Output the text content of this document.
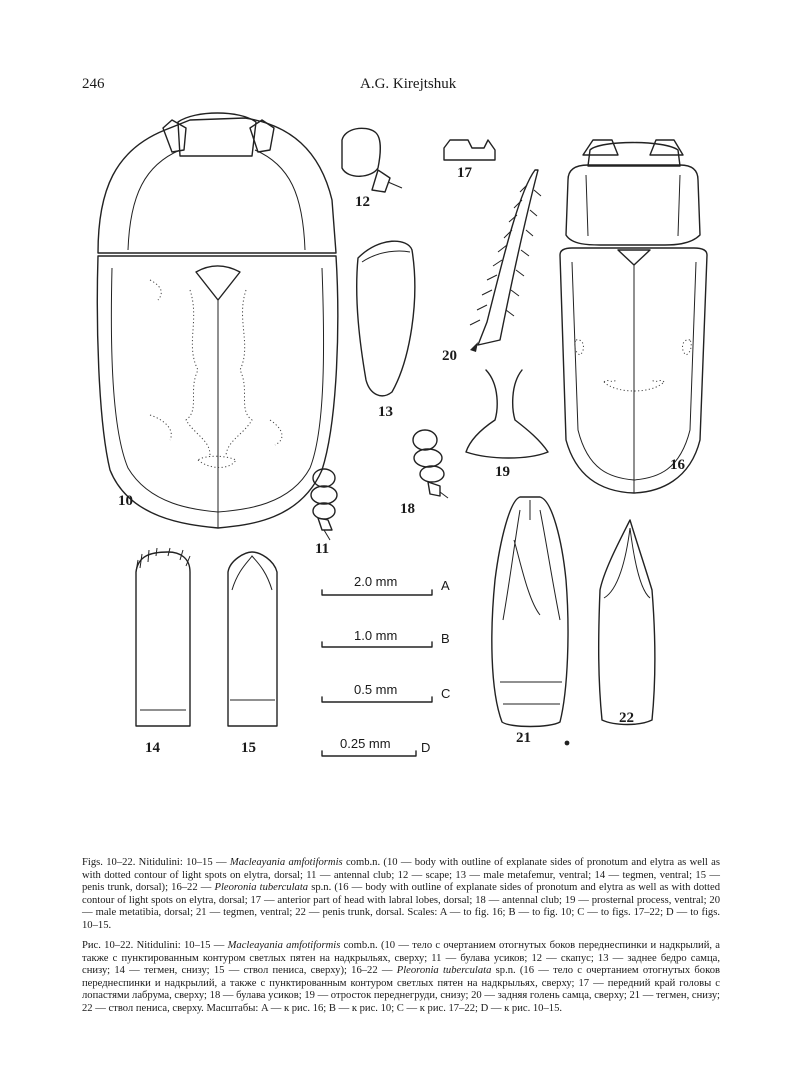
246	A.G. Kirejtshuk
10
12
13
17
20
19
18
11
16
14	15
2.0 mm	A
1.0 mm	B
0.5 mm	C
0.25 mm D
21
22

Figs. 10–22. Nitidulini: 10–15 — Macleayania amfotiformis comb.n. (10 — body with outline of explanate sides of pronotum and elytra as well as with dotted contour of light spots on elytra, dorsal; 11 — antennal club; 12 — scape; 13 — male metafemur, ventral; 14 — tegmen, ventral; 15 — penis trunk, dorsal); 16–22 — Pleoronia tuberculata sp.n. (16 — body with outline of explanate sides of pronotum and elytra as well as with dotted contour of light spots on elytra, dorsal; 17 — anterior part of head with labral lobes, dorsal; 18 — antennal club; 19 — prosternal process, ventral; 20 — male metatibia, dorsal; 21 — tegmen, ventral; 22 — penis trunk, dorsal. Scales: A — to fig. 16; B — to fig. 10; C — to figs. 17–22; D — to figs. 10–15.

Рис. 10–22. Nitidulini: 10–15 — Macleayania amfotiformis comb.n. (10 — тело с очертанием отогнутых боков переднеспинки и надкрылий, а также с пунктированным контуром светлых пятен на надкрыльях, сверху; 11 — булава усиков; 12 — скапус; 13 — заднее бедро самца, снизу; 14 — тегмен, снизу; 15 — ствол пениса, сверху); 16–22 — Pleoronia tuberculata sp.n. (16 — тело с очертанием отогнутых боков переднеспинки и надкрылий, а также с пунктированным контуром светлых пятен на надкрыльях, сверху; 17 — передний край головы с лопастями лабрума, сверху; 18 — булава усиков; 19 — отросток переднегруди, снизу; 20 — задняя голень самца, сверху; 21 — тегмен, снизу; 22 — ствол пениса, сверху. Масштабы: A — к рис. 16; B — к рис. 10; C — к рис. 17–22; D — к рис. 10–15.
